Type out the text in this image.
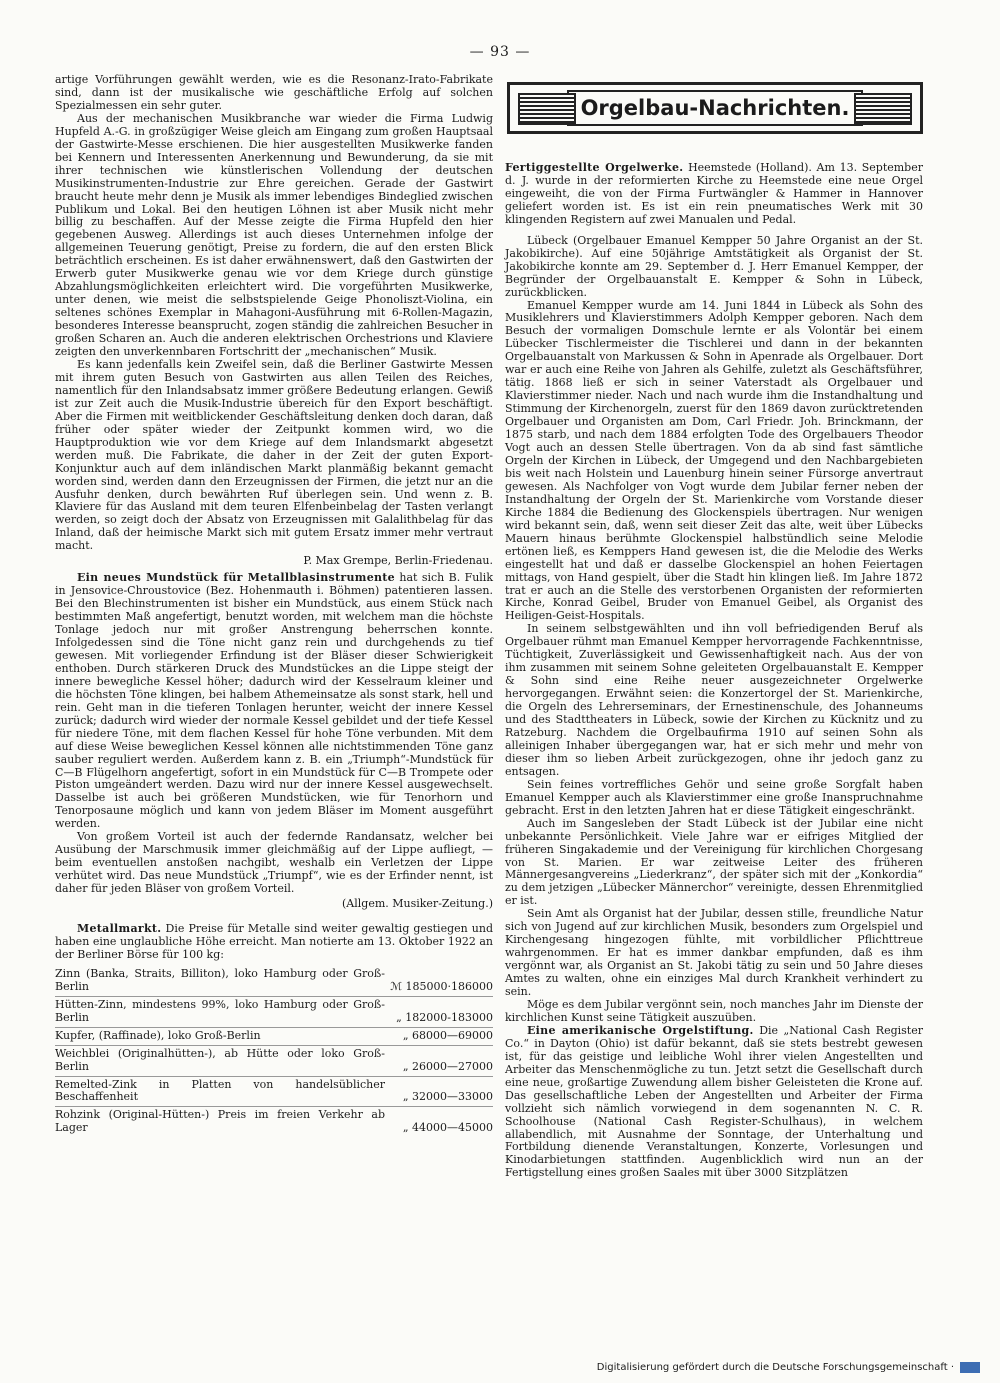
— 93 —

artige Vorführungen gewählt werden, wie es die Resonanz-Irato-Fabrikate sind, dann ist der musikalische wie geschäftliche Erfolg auf solchen Spezialmessen ein sehr guter.

Aus der mechanischen Musikbranche war wieder die Firma Ludwig Hupfeld A.-G. in großzügiger Weise gleich am Eingang zum großen Hauptsaal der Gastwirte-Messe erschienen. Die hier ausgestellten Musikwerke fanden bei Kennern und Interessenten Anerkennung und Bewunderung, da sie mit ihrer technischen wie künstlerischen Vollendung der deutschen Musikinstrumenten-Industrie zur Ehre gereichen. Gerade der Gastwirt braucht heute mehr denn je Musik als immer lebendiges Bindeglied zwischen Publikum und Lokal. Bei den heutigen Löhnen ist aber Musik nicht mehr billig zu beschaffen. Auf der Messe zeigte die Firma Hupfeld den hier gegebenen Ausweg. Allerdings ist auch dieses Unternehmen infolge der allgemeinen Teuerung genötigt, Preise zu fordern, die auf den ersten Blick beträchtlich erscheinen. Es ist daher erwähnenswert, daß den Gastwirten der Erwerb guter Musikwerke genau wie vor dem Kriege durch günstige Abzahlungsmöglichkeiten erleichtert wird. Die vorgeführten Musikwerke, unter denen, wie meist die selbstspielende Geige Phonoliszt-Violina, ein seltenes schönes Exemplar in Mahagoni-Ausführung mit 6-Rollen-Magazin, besonderes Interesse beansprucht, zogen ständig die zahlreichen Besucher in großen Scharen an. Auch die anderen elektrischen Orchestrions und Klaviere zeigten den unverkennbaren Fortschritt der „mechanischen“ Musik.

Es kann jedenfalls kein Zweifel sein, daß die Berliner Gastwirte Messen mit ihrem guten Besuch von Gastwirten aus allen Teilen des Reiches, namentlich für den Inlandsabsatz immer größere Bedeutung erlangen. Gewiß ist zur Zeit auch die Musik-Industrie übereich für den Export beschäftigt. Aber die Firmen mit weitblickender Geschäftsleitung denken doch daran, daß früher oder später wieder der Zeitpunkt kommen wird, wo die Hauptproduktion wie vor dem Kriege auf dem Inlandsmarkt abgesetzt werden muß. Die Fabrikate, die daher in der Zeit der guten Export-Konjunktur auch auf dem inländischen Markt planmäßig bekannt gemacht worden sind, werden dann den Erzeugnissen der Firmen, die jetzt nur an die Ausfuhr denken, durch bewährten Ruf überlegen sein. Und wenn z. B. Klaviere für das Ausland mit dem teuren Elfenbeinbelag der Tasten verlangt werden, so zeigt doch der Absatz von Erzeugnissen mit Galalithbelag für das Inland, daß der heimische Markt sich mit gutem Ersatz immer mehr vertraut macht.

P. Max Grempe, Berlin-Friedenau.

Ein neues Mundstück für Metallblasinstrumente hat sich B. Fulik in Jensovice-Chroustovice (Bez. Hohenmauth i. Böhmen) patentieren lassen. Bei den Blechinstrumenten ist bisher ein Mundstück, aus einem Stück nach bestimmten Maß angefertigt, benutzt worden, mit welchem man die höchste Tonlage jedoch nur mit großer Anstrengung beherrschen konnte. Infolgedessen sind die Töne nicht ganz rein und durchgehends zu tief gewesen. Mit vorliegender Erfindung ist der Bläser dieser Schwierigkeit enthoben. Durch stärkeren Druck des Mundstückes an die Lippe steigt der innere bewegliche Kessel höher; dadurch wird der Kesselraum kleiner und die höchsten Töne klingen, bei halbem Athemeinsatze als sonst stark, hell und rein. Geht man in die tieferen Tonlagen herunter, weicht der innere Kessel zurück; dadurch wird wieder der normale Kessel gebildet und der tiefe Kessel für niedere Töne, mit dem flachen Kessel für hohe Töne verbunden. Mit dem auf diese Weise beweglichen Kessel können alle nichtstimmenden Töne ganz sauber reguliert werden. Außerdem kann z. B. ein „Triumph“-Mundstück für C—B Flügelhorn angefertigt, sofort in ein Mundstück für C—B Trompete oder Piston umgeändert werden. Dazu wird nur der innere Kessel ausgewechselt. Dasselbe ist auch bei größeren Mundstücken, wie für Tenorhorn und Tenorposaune möglich und kann von jedem Bläser im Moment ausgeführt werden.

Von großem Vorteil ist auch der federnde Randansatz, welcher bei Ausübung der Marschmusik immer gleichmäßig auf der Lippe aufliegt, — beim eventuellen anstoßen nachgibt, weshalb ein Verletzen der Lippe verhütet wird. Das neue Mundstück „Triumpf“, wie es der Erfinder nennt, ist daher für jeden Bläser von großem Vorteil.

(Allgem. Musiker-Zeitung.)

Metallmarkt. Die Preise für Metalle sind weiter gewaltig gestiegen und haben eine unglaubliche Höhe erreicht. Man notierte am 13. Oktober 1922 an der Berliner Börse für 100 kg:

Zinn (Banka, Straits, Billiton), loko Hamburg oder Groß-Berlin	ℳ 185000·186000
Hütten-Zinn, mindestens 99%, loko Hamburg oder Groß-Berlin	„ 182000-183000
Kupfer, (Raffinade), loko Groß-Berlin	„ 68000—69000
Weichblei (Originalhütten-), ab Hütte oder loko Groß-Berlin	„ 26000—27000
Remelted-Zink in Platten von handelsüblicher Beschaffenheit	„ 32000—33000
Rohzink (Original-Hütten-) Preis im freien Verkehr ab Lager	„ 44000—45000
Orgelbau-Nachrichten.

Fertiggestellte Orgelwerke. Heemstede (Holland). Am 13. September d. J. wurde in der reformierten Kirche zu Heemstede eine neue Orgel eingeweiht, die von der Firma Furtwängler & Hammer in Hannover geliefert worden ist. Es ist ein rein pneumatisches Werk mit 30 klingenden Registern auf zwei Manualen und Pedal.

Lübeck (Orgelbauer Emanuel Kempper 50 Jahre Organist an der St. Jakobikirche). Auf eine 50jährige Amtstätigkeit als Organist der St. Jakobikirche konnte am 29. September d. J. Herr Emanuel Kempper, der Begründer der Orgelbauanstalt E. Kempper & Sohn in Lübeck, zurückblicken.

Emanuel Kempper wurde am 14. Juni 1844 in Lübeck als Sohn des Musiklehrers und Klavierstimmers Adolph Kempper geboren. Nach dem Besuch der vormaligen Domschule lernte er als Volontär bei einem Lübecker Tischlermeister die Tischlerei und dann in der bekannten Orgelbauanstalt von Markussen & Sohn in Apenrade als Orgelbauer. Dort war er auch eine Reihe von Jahren als Gehilfe, zuletzt als Geschäftsführer, tätig. 1868 ließ er sich in seiner Vaterstadt als Orgelbauer und Klavierstimmer nieder. Nach und nach wurde ihm die Instandhaltung und Stimmung der Kirchenorgeln, zuerst für den 1869 davon zurücktretenden Orgelbauer und Organisten am Dom, Carl Friedr. Joh. Brinckmann, der 1875 starb, und nach dem 1884 erfolgten Tode des Orgelbauers Theodor Vogt auch an dessen Stelle übertragen. Von da ab sind fast sämtliche Orgeln der Kirchen in Lübeck, der Umgegend und den Nachbargebieten bis weit nach Holstein und Lauenburg hinein seiner Fürsorge anvertraut gewesen. Als Nachfolger von Vogt wurde dem Jubilar ferner neben der Instandhaltung der Orgeln der St. Marienkirche vom Vorstande dieser Kirche 1884 die Bedienung des Glockenspiels übertragen. Nur wenigen wird bekannt sein, daß, wenn seit dieser Zeit das alte, weit über Lübecks Mauern hinaus berühmte Glockenspiel halbstündlich seine Melodie ertönen ließ, es Kemppers Hand gewesen ist, die die Melodie des Werks eingestellt hat und daß er dasselbe Glockenspiel an hohen Feiertagen mittags, von Hand gespielt, über die Stadt hin klingen ließ. Im Jahre 1872 trat er auch an die Stelle des verstorbenen Organisten der reformierten Kirche, Konrad Geibel, Bruder von Emanuel Geibel, als Organist des Heiligen-Geist-Hospitals.

In seinem selbstgewählten und ihn voll befriedigenden Beruf als Orgelbauer rühmt man Emanuel Kempper hervorragende Fachkenntnisse, Tüchtigkeit, Zuverlässigkeit und Gewissenhaftigkeit nach. Aus der von ihm zusammen mit seinem Sohne geleiteten Orgelbauanstalt E. Kempper & Sohn sind eine Reihe neuer ausgezeichneter Orgelwerke hervorgegangen. Erwähnt seien: die Konzertorgel der St. Marienkirche, die Orgeln des Lehrerseminars, der Ernestinenschule, des Johanneums und des Stadttheaters in Lübeck, sowie der Kirchen zu Kücknitz und zu Ratzeburg. Nachdem die Orgelbaufirma 1910 auf seinen Sohn als alleinigen Inhaber übergegangen war, hat er sich mehr und mehr von dieser ihm so lieben Arbeit zurückgezogen, ohne ihr jedoch ganz zu entsagen.

Sein feines vortreffliches Gehör und seine große Sorgfalt haben Emanuel Kempper auch als Klavierstimmer eine große Inanspruchnahme gebracht. Erst in den letzten Jahren hat er diese Tätigkeit eingeschränkt.

Auch im Sangesleben der Stadt Lübeck ist der Jubilar eine nicht unbekannte Persönlichkeit. Viele Jahre war er eifriges Mitglied der früheren Singakademie und der Vereinigung für kirchlichen Chorgesang von St. Marien. Er war zeitweise Leiter des früheren Männergesangvereins „Liederkranz“, der später sich mit der „Konkordia“ zu dem jetzigen „Lübecker Männerchor“ vereinigte, dessen Ehrenmitglied er ist.

Sein Amt als Organist hat der Jubilar, dessen stille, freundliche Natur sich von Jugend auf zur kirchlichen Musik, besonders zum Orgelspiel und Kirchengesang hingezogen fühlte, mit vorbildlicher Pflichttreue wahrgenommen. Er hat es immer dankbar empfunden, daß es ihm vergönnt war, als Organist an St. Jakobi tätig zu sein und 50 Jahre dieses Amtes zu walten, ohne ein einziges Mal durch Krankheit verhindert zu sein.

Möge es dem Jubilar vergönnt sein, noch manches Jahr im Dienste der kirchlichen Kunst seine Tätigkeit auszuüben.

Eine amerikanische Orgelstiftung. Die „National Cash Register Co.“ in Dayton (Ohio) ist dafür bekannt, daß sie stets bestrebt gewesen ist, für das geistige und leibliche Wohl ihrer vielen Angestellten und Arbeiter das Menschenmögliche zu tun. Jetzt setzt die Gesellschaft durch eine neue, großartige Zuwendung allem bisher Geleisteten die Krone auf. Das gesellschaftliche Leben der Angestellten und Arbeiter der Firma vollzieht sich nämlich vorwiegend in dem sogenannten N. C. R. Schoolhouse (National Cash Register-Schulhaus), in welchem allabendlich, mit Ausnahme der Sonntage, der Unterhaltung und Fortbildung dienende Veranstaltungen, Konzerte, Vorlesungen und Kinodarbietungen stattfinden. Augenblicklich wird nun an der Fertigstellung eines großen Saales mit über 3000 Sitzplätzen

Digitalisierung gefördert durch die Deutsche Forschungsgemeinschaft ·
